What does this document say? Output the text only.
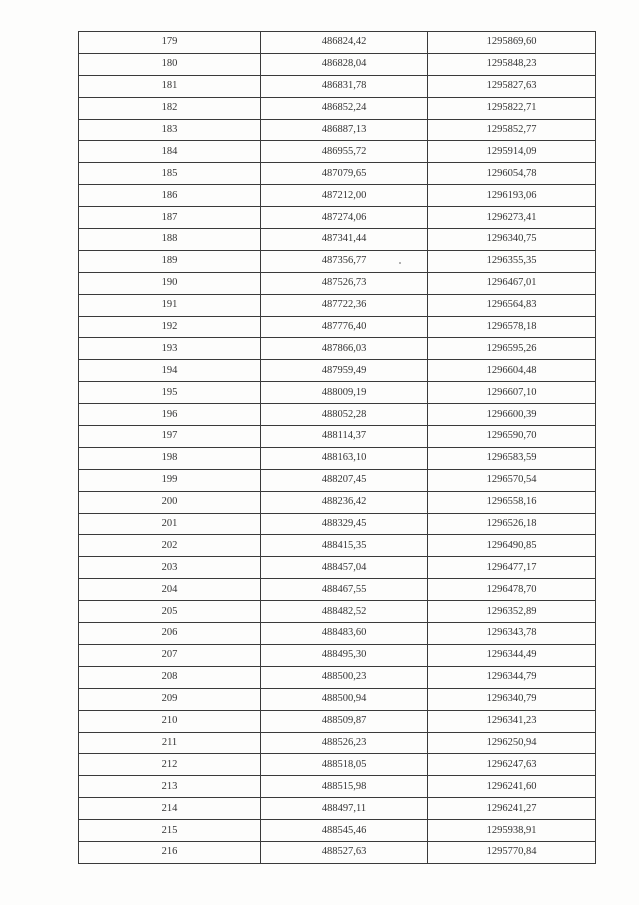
179	486824,42	1295869,60
180	486828,04	1295848,23
181	486831,78	1295827,63
182	486852,24	1295822,71
183	486887,13	1295852,77
184	486955,72	1295914,09
185	487079,65	1296054,78
186	487212,00	1296193,06
187	487274,06	1296273,41
188	487341,44	1296340,75
189	487356,77	1296355,35
190	487526,73	1296467,01
191	487722,36	1296564,83
192	487776,40	1296578,18
193	487866,03	1296595,26
194	487959,49	1296604,48
195	488009,19	1296607,10
196	488052,28	1296600,39
197	488114,37	1296590,70
198	488163,10	1296583,59
199	488207,45	1296570,54
200	488236,42	1296558,16
201	488329,45	1296526,18
202	488415,35	1296490,85
203	488457,04	1296477,17
204	488467,55	1296478,70
205	488482,52	1296352,89
206	488483,60	1296343,78
207	488495,30	1296344,49
208	488500,23	1296344,79
209	488500,94	1296340,79
210	488509,87	1296341,23
211	488526,23	1296250,94
212	488518,05	1296247,63
213	488515,98	1296241,60
214	488497,11	1296241,27
215	488545,46	1295938,91
216	488527,63	1295770,84
